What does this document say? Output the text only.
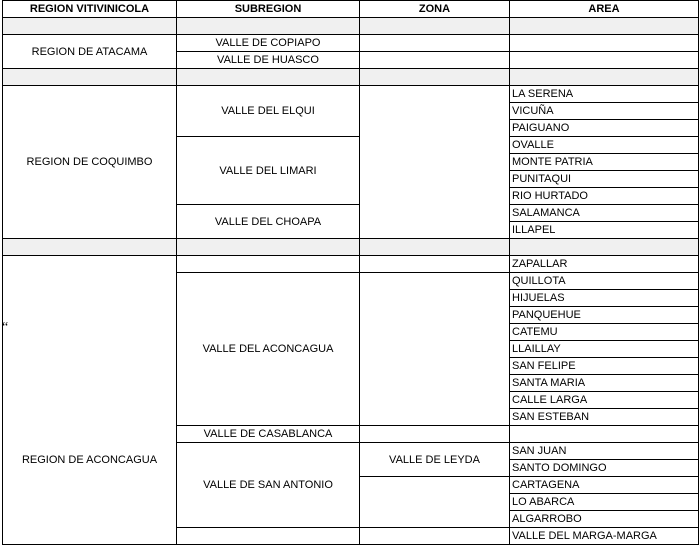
“
REGION VITIVINICOLA	SUBREGION	ZONA	AREA

REGION DE ATACAMA	VALLE DE COPIAPO		
	VALLE DE HUASCO		

REGION DE COQUIMBO	VALLE DEL ELQUI		LA SERENA
			VICUÑA
			PAIGUANO
	VALLE DEL LIMARI		OVALLE
			MONTE PATRIA
			PUNITAQUI
			RIO HURTADO
	VALLE DEL CHOAPA		SALAMANCA
			ILLAPEL

REGION DE ACONCAGUA			ZAPALLAR
	VALLE DEL ACONCAGUA		QUILLOTA
			HIJUELAS
			PANQUEHUE
			CATEMU
			LLAILLAY
			SAN FELIPE
			SANTA MARIA
			CALLE LARGA
			SAN ESTEBAN
	VALLE DE CASABLANCA		
	VALLE DE SAN ANTONIO	VALLE DE LEYDA	SAN JUAN
			SANTO DOMINGO
			CARTAGENA
			LO ABARCA
			ALGARROBO
			VALLE DEL MARGA-MARGA
